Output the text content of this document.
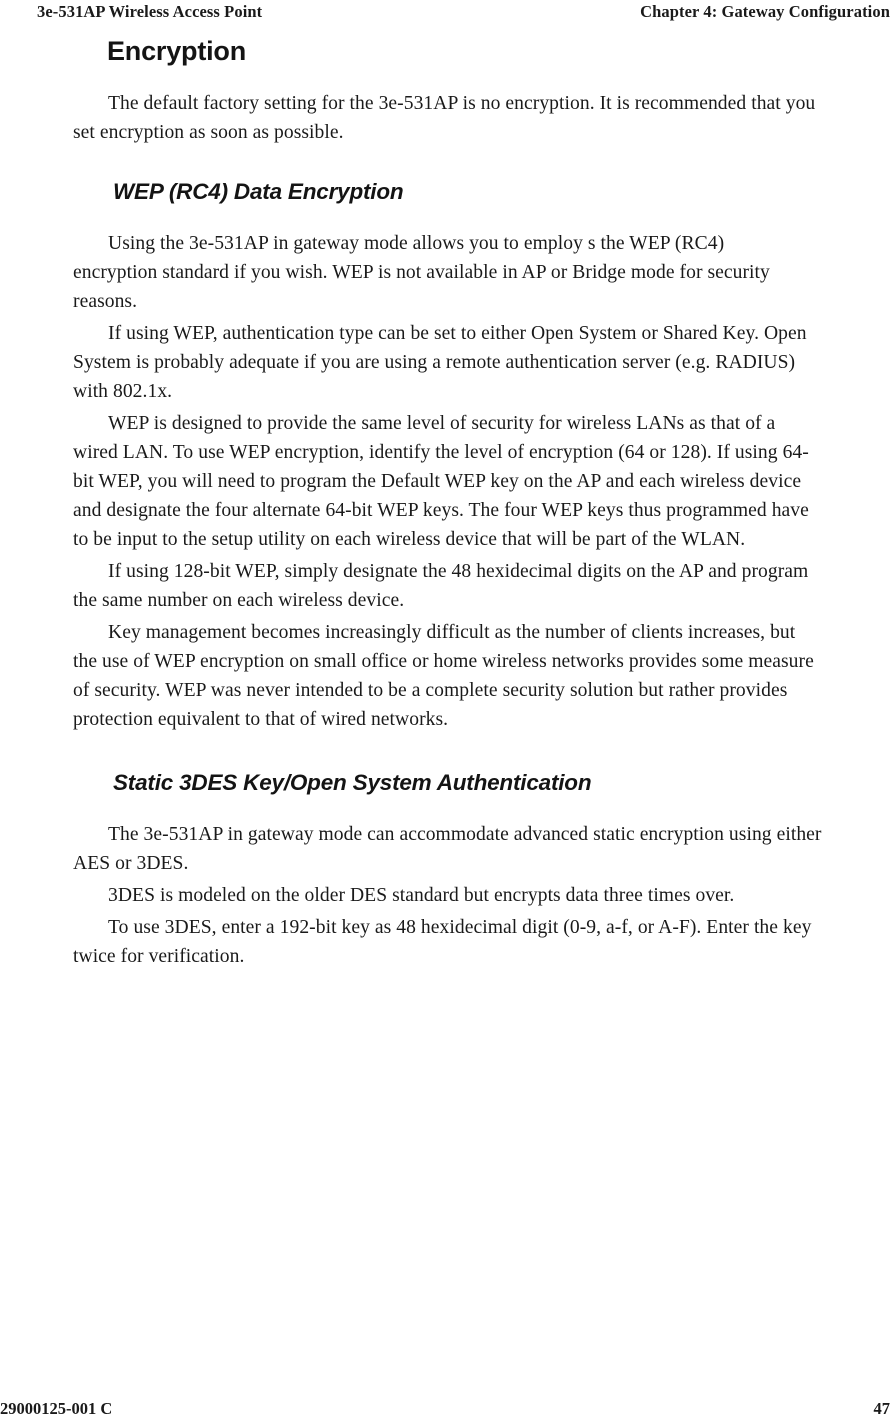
3e-531AP Wireless Access Point	Chapter 4: Gateway Configuration
Encryption

The default factory setting for the 3e-531AP is no encryption. It is recommended that you set encryption as soon as possible.

WEP (RC4) Data Encryption

Using the 3e-531AP in gateway mode allows you to employ s the WEP (RC4) encryption standard if you wish. WEP is not available in AP or Bridge mode for security reasons.

If using WEP, authentication type can be set to either Open System or Shared Key. Open System is probably adequate if you are using a remote authentication server (e.g. RADIUS) with 802.1x.

WEP is designed to provide the same level of security for wireless LANs as that of a wired LAN. To use WEP encryption, identify the level of encryption (64 or 128). If using 64-bit WEP, you will need to program the Default WEP key on the AP and each wireless device and designate the four alternate 64-bit WEP keys. The four WEP keys thus programmed have to be input to the setup utility on each wireless device that will be part of the WLAN.

If using 128-bit WEP, simply designate the 48 hexidecimal digits on the AP and program the same number on each wireless device.

Key management becomes increasingly difficult as the number of clients increases, but the use of WEP encryption on small office or home wireless networks provides some measure of security. WEP was never intended to be a complete security solution but rather provides protection equivalent to that of wired networks.

Static 3DES Key/Open System Authentication

The 3e-531AP in gateway mode can accommodate advanced static encryption using either AES or 3DES.

3DES is modeled on the older DES standard but encrypts data three times over.

To use 3DES, enter a 192-bit key as 48 hexidecimal digit (0-9, a-f, or A-F). Enter the key twice for verification.

29000125-001 C	47
